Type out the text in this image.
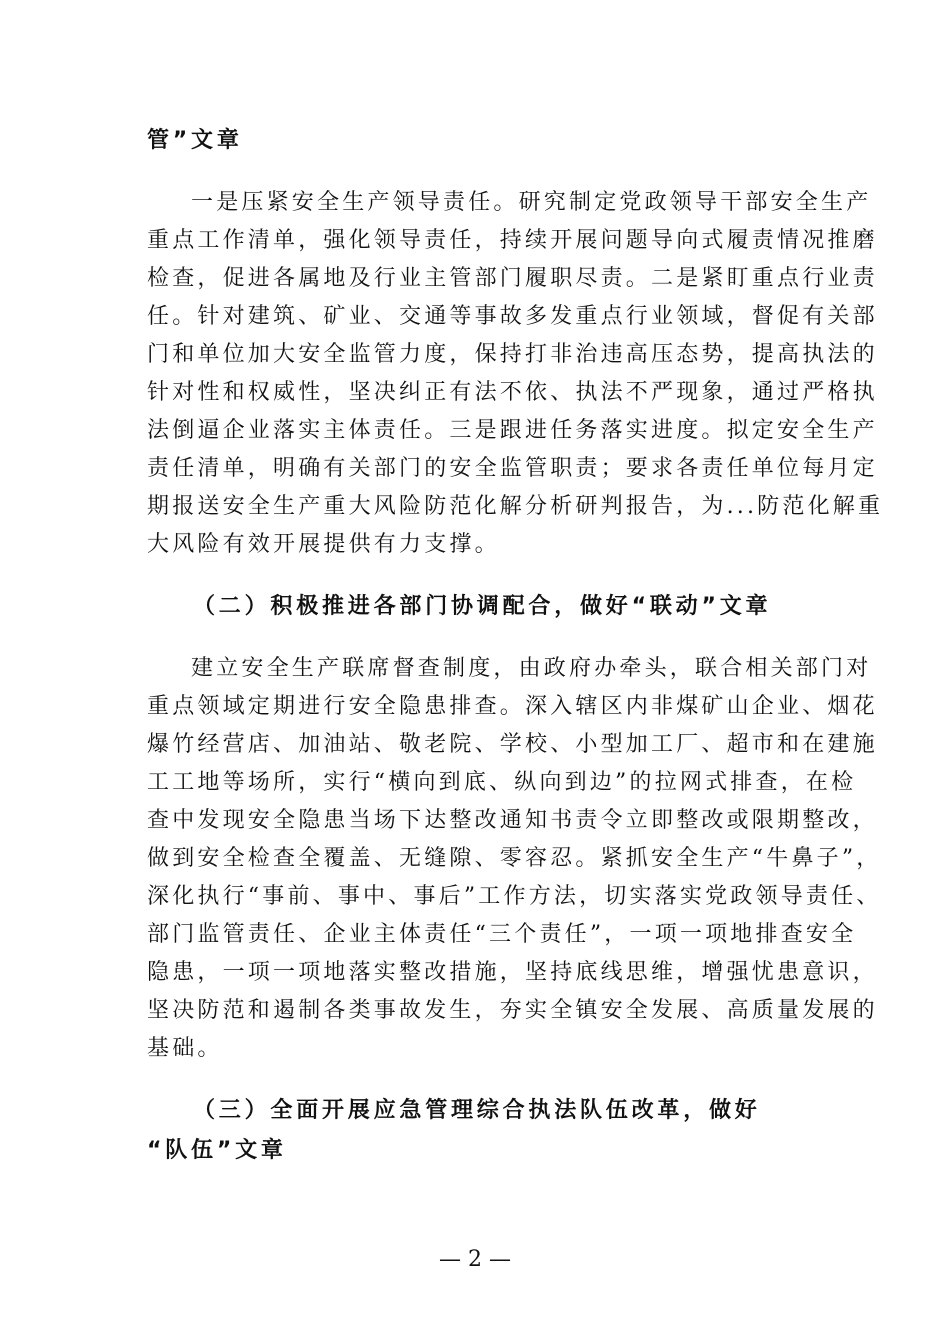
管”文章

一是压紧安全生产领导责任。研究制定党政领导干部安全生产

重点工作清单，强化领导责任，持续开展问题导向式履责情况推磨

检查，促进各属地及行业主管部门履职尽责。二是紧盯重点行业责

任。针对建筑、矿业、交通等事故多发重点行业领域，督促有关部

门和单位加大安全监管力度，保持打非治违高压态势，提高执法的

针对性和权威性，坚决纠正有法不依、执法不严现象，通过严格执

法倒逼企业落实主体责任。三是跟进任务落实进度。拟定安全生产

责任清单，明确有关部门的安全监管职责；要求各责任单位每月定

期报送安全生产重大风险防范化解分析研判报告，为...防范化解重

大风险有效开展提供有力支撑。

（二）积极推进各部门协调配合，做好“联动”文章

建立安全生产联席督查制度，由政府办牵头，联合相关部门对

重点领域定期进行安全隐患排查。深入辖区内非煤矿山企业、烟花

爆竹经营店、加油站、敬老院、学校、小型加工厂、超市和在建施

工工地等场所，实行“横向到底、纵向到边”的拉网式排查，在检

查中发现安全隐患当场下达整改通知书责令立即整改或限期整改，

做到安全检查全覆盖、无缝隙、零容忍。紧抓安全生产“牛鼻子”，

深化执行“事前、事中、事后”工作方法，切实落实党政领导责任、

部门监管责任、企业主体责任“三个责任”，一项一项地排查安全

隐患，一项一项地落实整改措施，坚持底线思维，增强忧患意识，

坚决防范和遏制各类事故发生，夯实全镇安全发展、高质量发展的

基础。

（三）全面开展应急管理综合执法队伍改革，做好

“队伍”文章

— 2 —
